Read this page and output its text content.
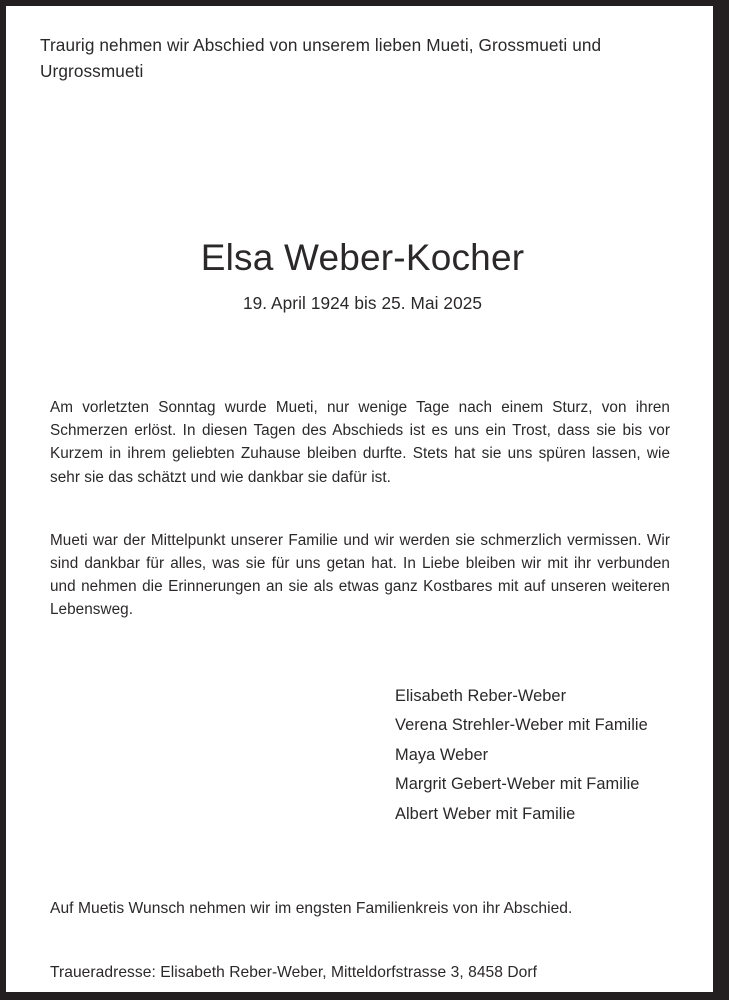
Traurig nehmen wir Abschied von unserem lieben Mueti, Grossmueti und Urgrossmueti

Elsa Weber-Kocher

19. April 1924 bis 25. Mai 2025

Am vorletzten Sonntag wurde Mueti, nur wenige Tage nach einem Sturz, von ihren Schmerzen erlöst. In diesen Tagen des Abschieds ist es uns ein Trost, dass sie bis vor Kurzem in ihrem geliebten Zuhause bleiben durfte. Stets hat sie uns spüren lassen, wie sehr sie das schätzt und wie dankbar sie dafür ist.

Mueti war der Mittelpunkt unserer Familie und wir werden sie schmerzlich vermissen. Wir sind dankbar für alles, was sie für uns getan hat. In Liebe bleiben wir mit ihr verbunden und nehmen die Erinnerungen an sie als etwas ganz Kostbares mit auf unseren weiteren Lebensweg.

Elisabeth Reber-Weber
Verena Strehler-Weber mit Familie
Maya Weber
Margrit Gebert-Weber mit Familie
Albert Weber mit Familie

Auf Muetis Wunsch nehmen wir im engsten Familienkreis von ihr Abschied.

Traueradresse: Elisabeth Reber-Weber, Mitteldorfstrasse 3, 8458 Dorf
